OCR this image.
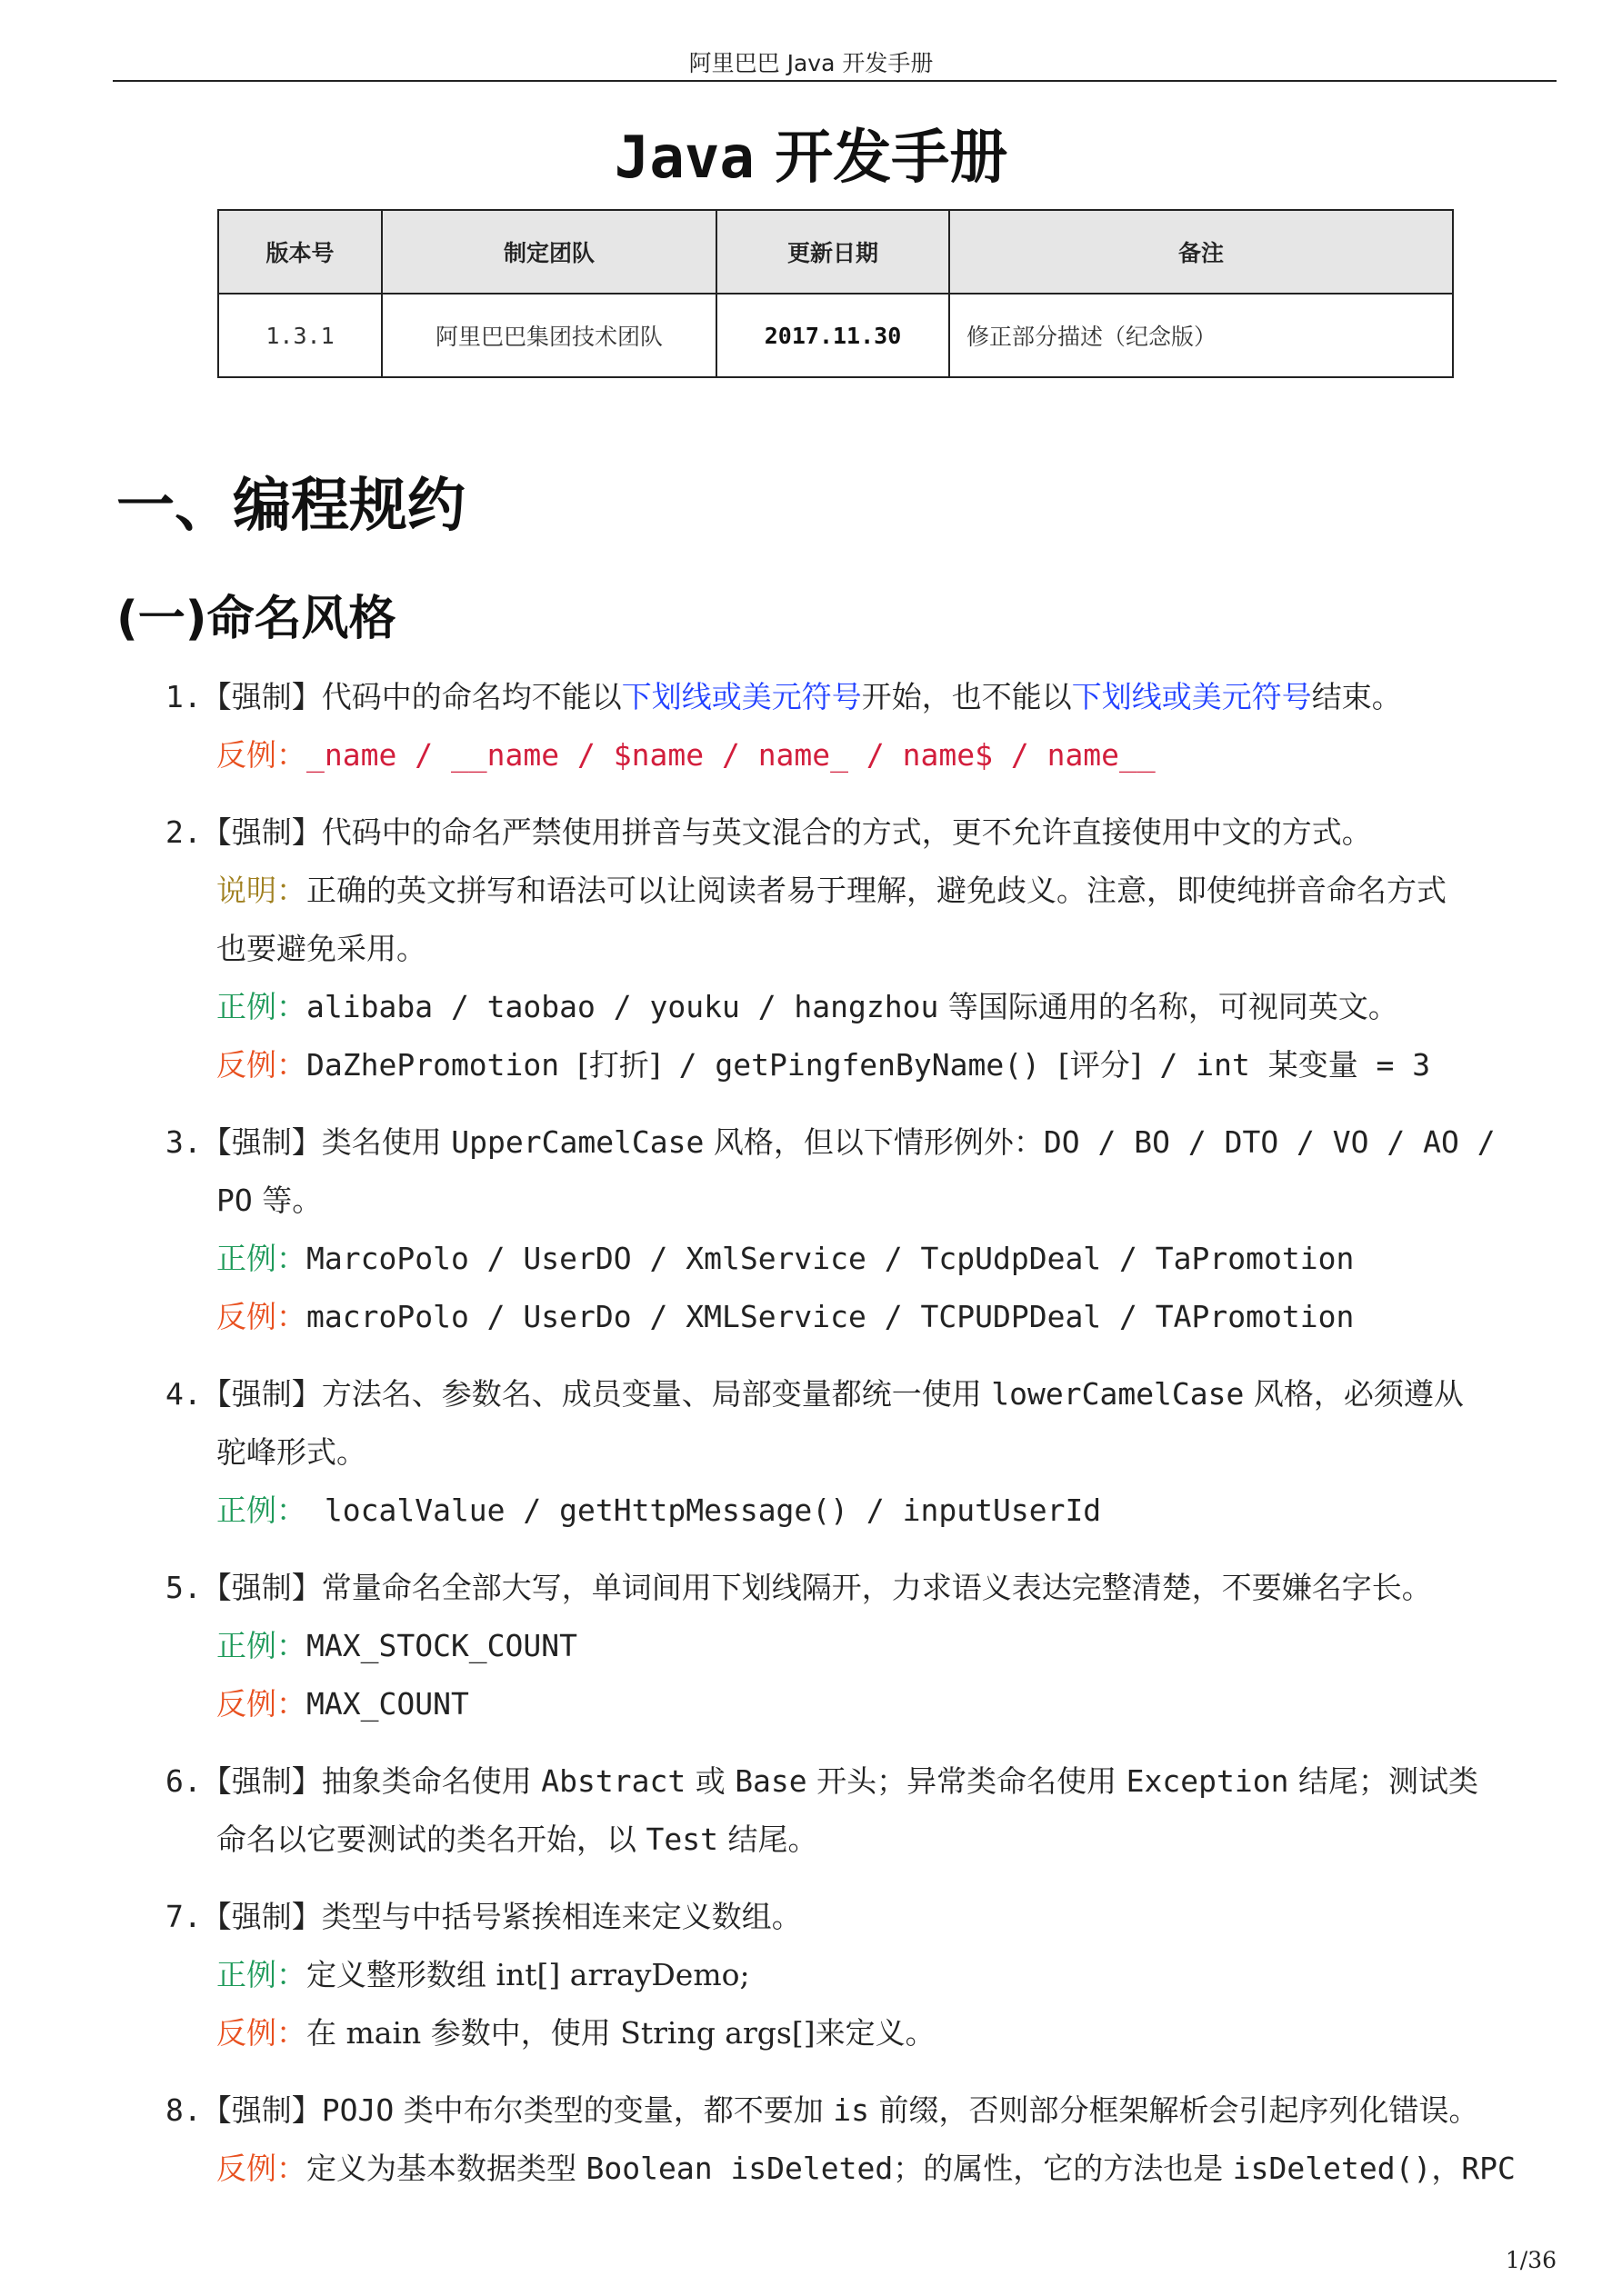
阿里巴巴 Java 开发手册
Java 开发手册
版本号	制定团队	更新日期	备注
1.3.1	阿里巴巴集团技术团队	2017.11.30	修正部分描述（纪念版）
一、编程规约
(一)命名风格
1.【强制】代码中的命名均不能以下划线或美元符号开始，也不能以下划线或美元符号结束。
反例：_name / __name / $name / name_ / name$ / name__
2.【强制】代码中的命名严禁使用拼音与英文混合的方式，更不允许直接使用中文的方式。
说明：正确的英文拼写和语法可以让阅读者易于理解，避免歧义。注意，即使纯拼音命名方式
也要避免采用。
正例：alibaba / taobao / youku / hangzhou 等国际通用的名称，可视同英文。
反例：DaZhePromotion [打折] / getPingfenByName() [评分] / int 某变量 = 3
3.【强制】类名使用 UpperCamelCase 风格，但以下情形例外：DO / BO / DTO / VO / AO /
PO 等。
正例：MarcoPolo / UserDO / XmlService / TcpUdpDeal / TaPromotion
反例：macroPolo / UserDo / XMLService / TCPUDPDeal / TAPromotion
4.【强制】方法名、参数名、成员变量、局部变量都统一使用 lowerCamelCase 风格，必须遵从
驼峰形式。
正例： localValue / getHttpMessage() / inputUserId
5.【强制】常量命名全部大写，单词间用下划线隔开，力求语义表达完整清楚，不要嫌名字长。
正例：MAX_STOCK_COUNT
反例：MAX_COUNT
6.【强制】抽象类命名使用 Abstract 或 Base 开头；异常类命名使用 Exception 结尾；测试类
命名以它要测试的类名开始，以 Test 结尾。
7.【强制】类型与中括号紧挨相连来定义数组。
正例：定义整形数组 int[] arrayDemo;
反例：在 main 参数中，使用 String args[]来定义。
8.【强制】POJO 类中布尔类型的变量，都不要加 is 前缀，否则部分框架解析会引起序列化错误。
反例：定义为基本数据类型 Boolean isDeleted；的属性，它的方法也是 isDeleted()，RPC
1/36
